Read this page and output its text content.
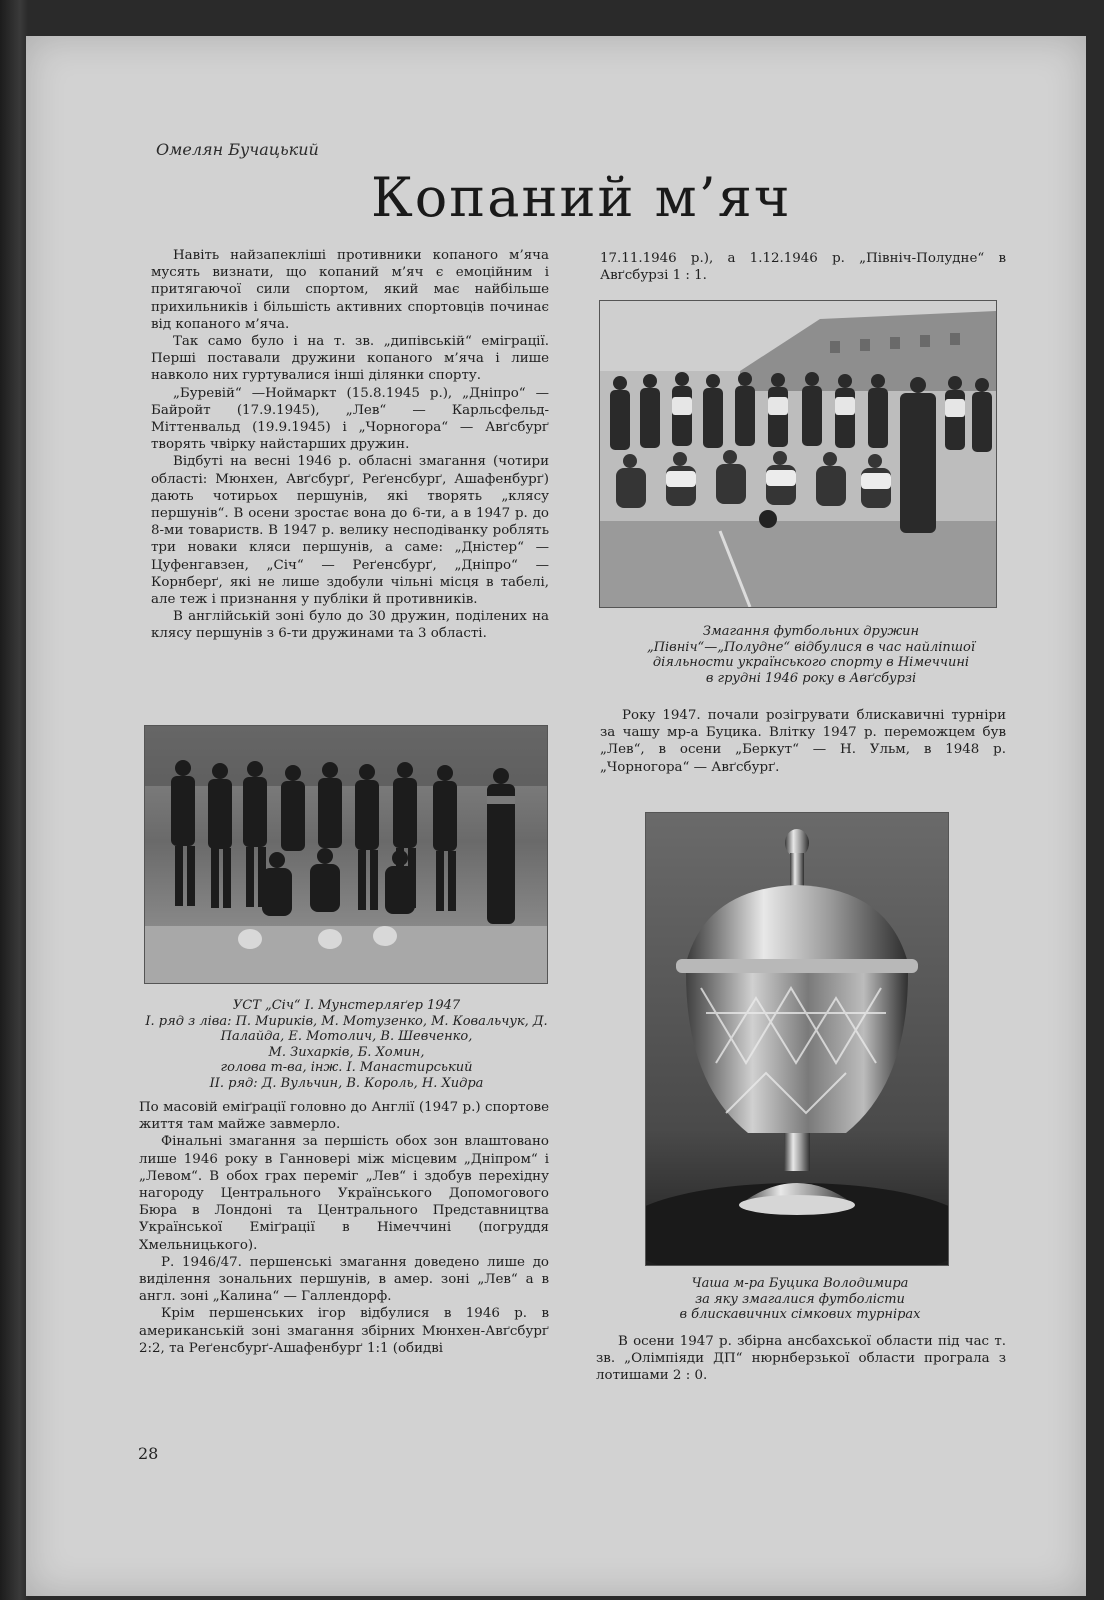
Омелян Бучацький
Копаний м’яч

Навіть найзапекліші противники копаного м’яча мусять визнати, що копаний м’яч є емоційним і притягаючої сили спортом, який має найбільше прихильників і більшість активних спортовців починає від копаного м’яча.

Так само було і на т. зв. „дипівській“ еміграції. Перші поставали дружини копаного м’яча і лише навколо них гуртувалися інші ділянки спорту.

„Буревій“ —Ноймаркт (15.8.1945 р.), „Дніпро“ — Байройт (17.9.1945), „Лев“ — Карльсфельд-Міттенвальд (19.9.1945) і „Чорногора“ — Авґсбурґ творять чвірку найстарших дружин.

Відбуті на весні 1946 р. обласні змагання (чотири області: Мюнхен, Авґсбурґ, Реґенсбурґ, Ашафенбурґ) дають чотирьох першунів, які творять „клясу першунів“. В осени зростає вона до 6-ти, а в 1947 р. до 8-ми товариств. В 1947 р. велику несподіванку роблять три новаки кляси першунів, а саме: „Дністер“ — Цуфенгавзен, „Січ“ — Реґенсбурґ, „Дніпро“ — Корнберґ, які не лише здобули чільні місця в табелі, але теж і признання у публіки й противників.

В англійській зоні було до 30 дружин, поділених на клясу першунів з 6-ти дружинами та 3 області.

УСТ „Січ“ І. Мунстерляґер 1947
І. ряд з ліва: П. Мириків, М. Мотузенко, М. Ковальчук, Д. Палайда, Е. Мотолич, В. Шевченко,
М. Зихарків, Б. Хомин,
голова т-ва, інж. І. Манастирський
ІІ. ряд: Д. Вульчин, В. Король, Н. Хидра

По масовій еміґрації головно до Англії (1947 р.) спортове життя там майже завмерло.

Фінальні змагання за першість обох зон влаштовано лише 1946 року в Ганновері між місцевим „Дніпром“ і „Левом“. В обох грах переміг „Лев“ і здобув перехідну нагороду Центрального Українського Допомогового Бюра в Лондоні та Центрального Представництва Української Еміґрації в Німеччині (погруддя Хмельницького).

Р. 1946/47. першенські змагання доведено лише до виділення зональних першунів, в амер. зоні „Лев“ а в англ. зоні „Калина“ — Галлендорф.

Крім першенських ігор відбулися в 1946 р. в американській зоні змагання збірних Мюнхен-Авґсбурґ 2:2, та Реґенсбурґ-Ашафенбурґ 1:1 (обидві

17.11.1946 р.), а 1.12.1946 р. „Північ-Полудне“ в Авґсбурзі 1 : 1.

Змагання футбольних дружин
„Північ“—„Полудне“ відбулися в час найліпшої діяльности українського спорту в Німеччині
в грудні 1946 року в Авґсбурзі

Року 1947. почали розігрувати блискавичні турніри за чашу мр-а Буцика. Влітку 1947 р. переможцем був „Лев“, в осени „Беркут“ — Н. Ульм, в 1948 р. „Чорногора“ — Авґсбурґ.

Чаша м-ра Буцика Володимира
за яку змагалися футболісти
в блискавичних сімкових турнірах

В осени 1947 р. збірна ансбахської области під час т. зв. „Олімпіяди ДП“ нюрнберзької области програла з лотишами 2 : 0.

28
